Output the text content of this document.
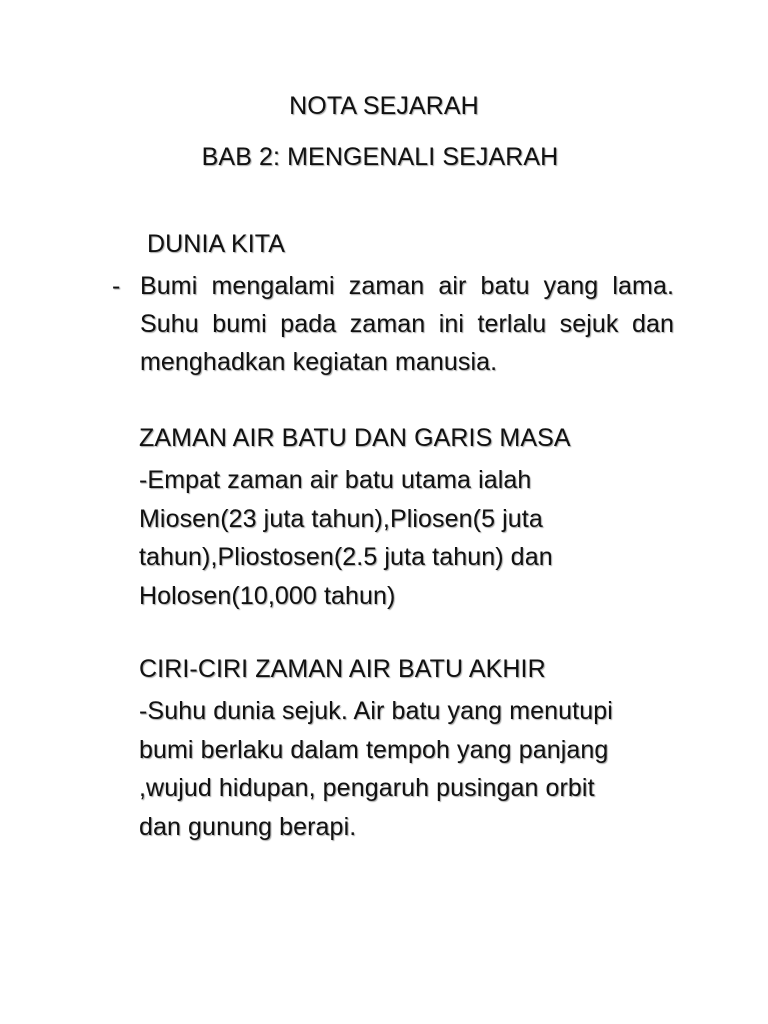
NOTA SEJARAH
BAB 2: MENGENALI SEJARAH
DUNIA KITA
- Bumi mengalami zaman air batu yang lama. Suhu bumi pada zaman ini terlalu sejuk dan menghadkan kegiatan manusia.

ZAMAN AIR BATU DAN GARIS MASA
-Empat zaman air batu utama ialah
Miosen(23 juta tahun),Pliosen(5 juta
tahun),Pliostosen(2.5 juta tahun) dan
Holosen(10,000 tahun)
CIRI-CIRI ZAMAN AIR BATU AKHIR
-Suhu dunia sejuk. Air batu yang menutupi
bumi berlaku dalam tempoh yang panjang
,wujud hidupan, pengaruh pusingan orbit
dan gunung berapi.
